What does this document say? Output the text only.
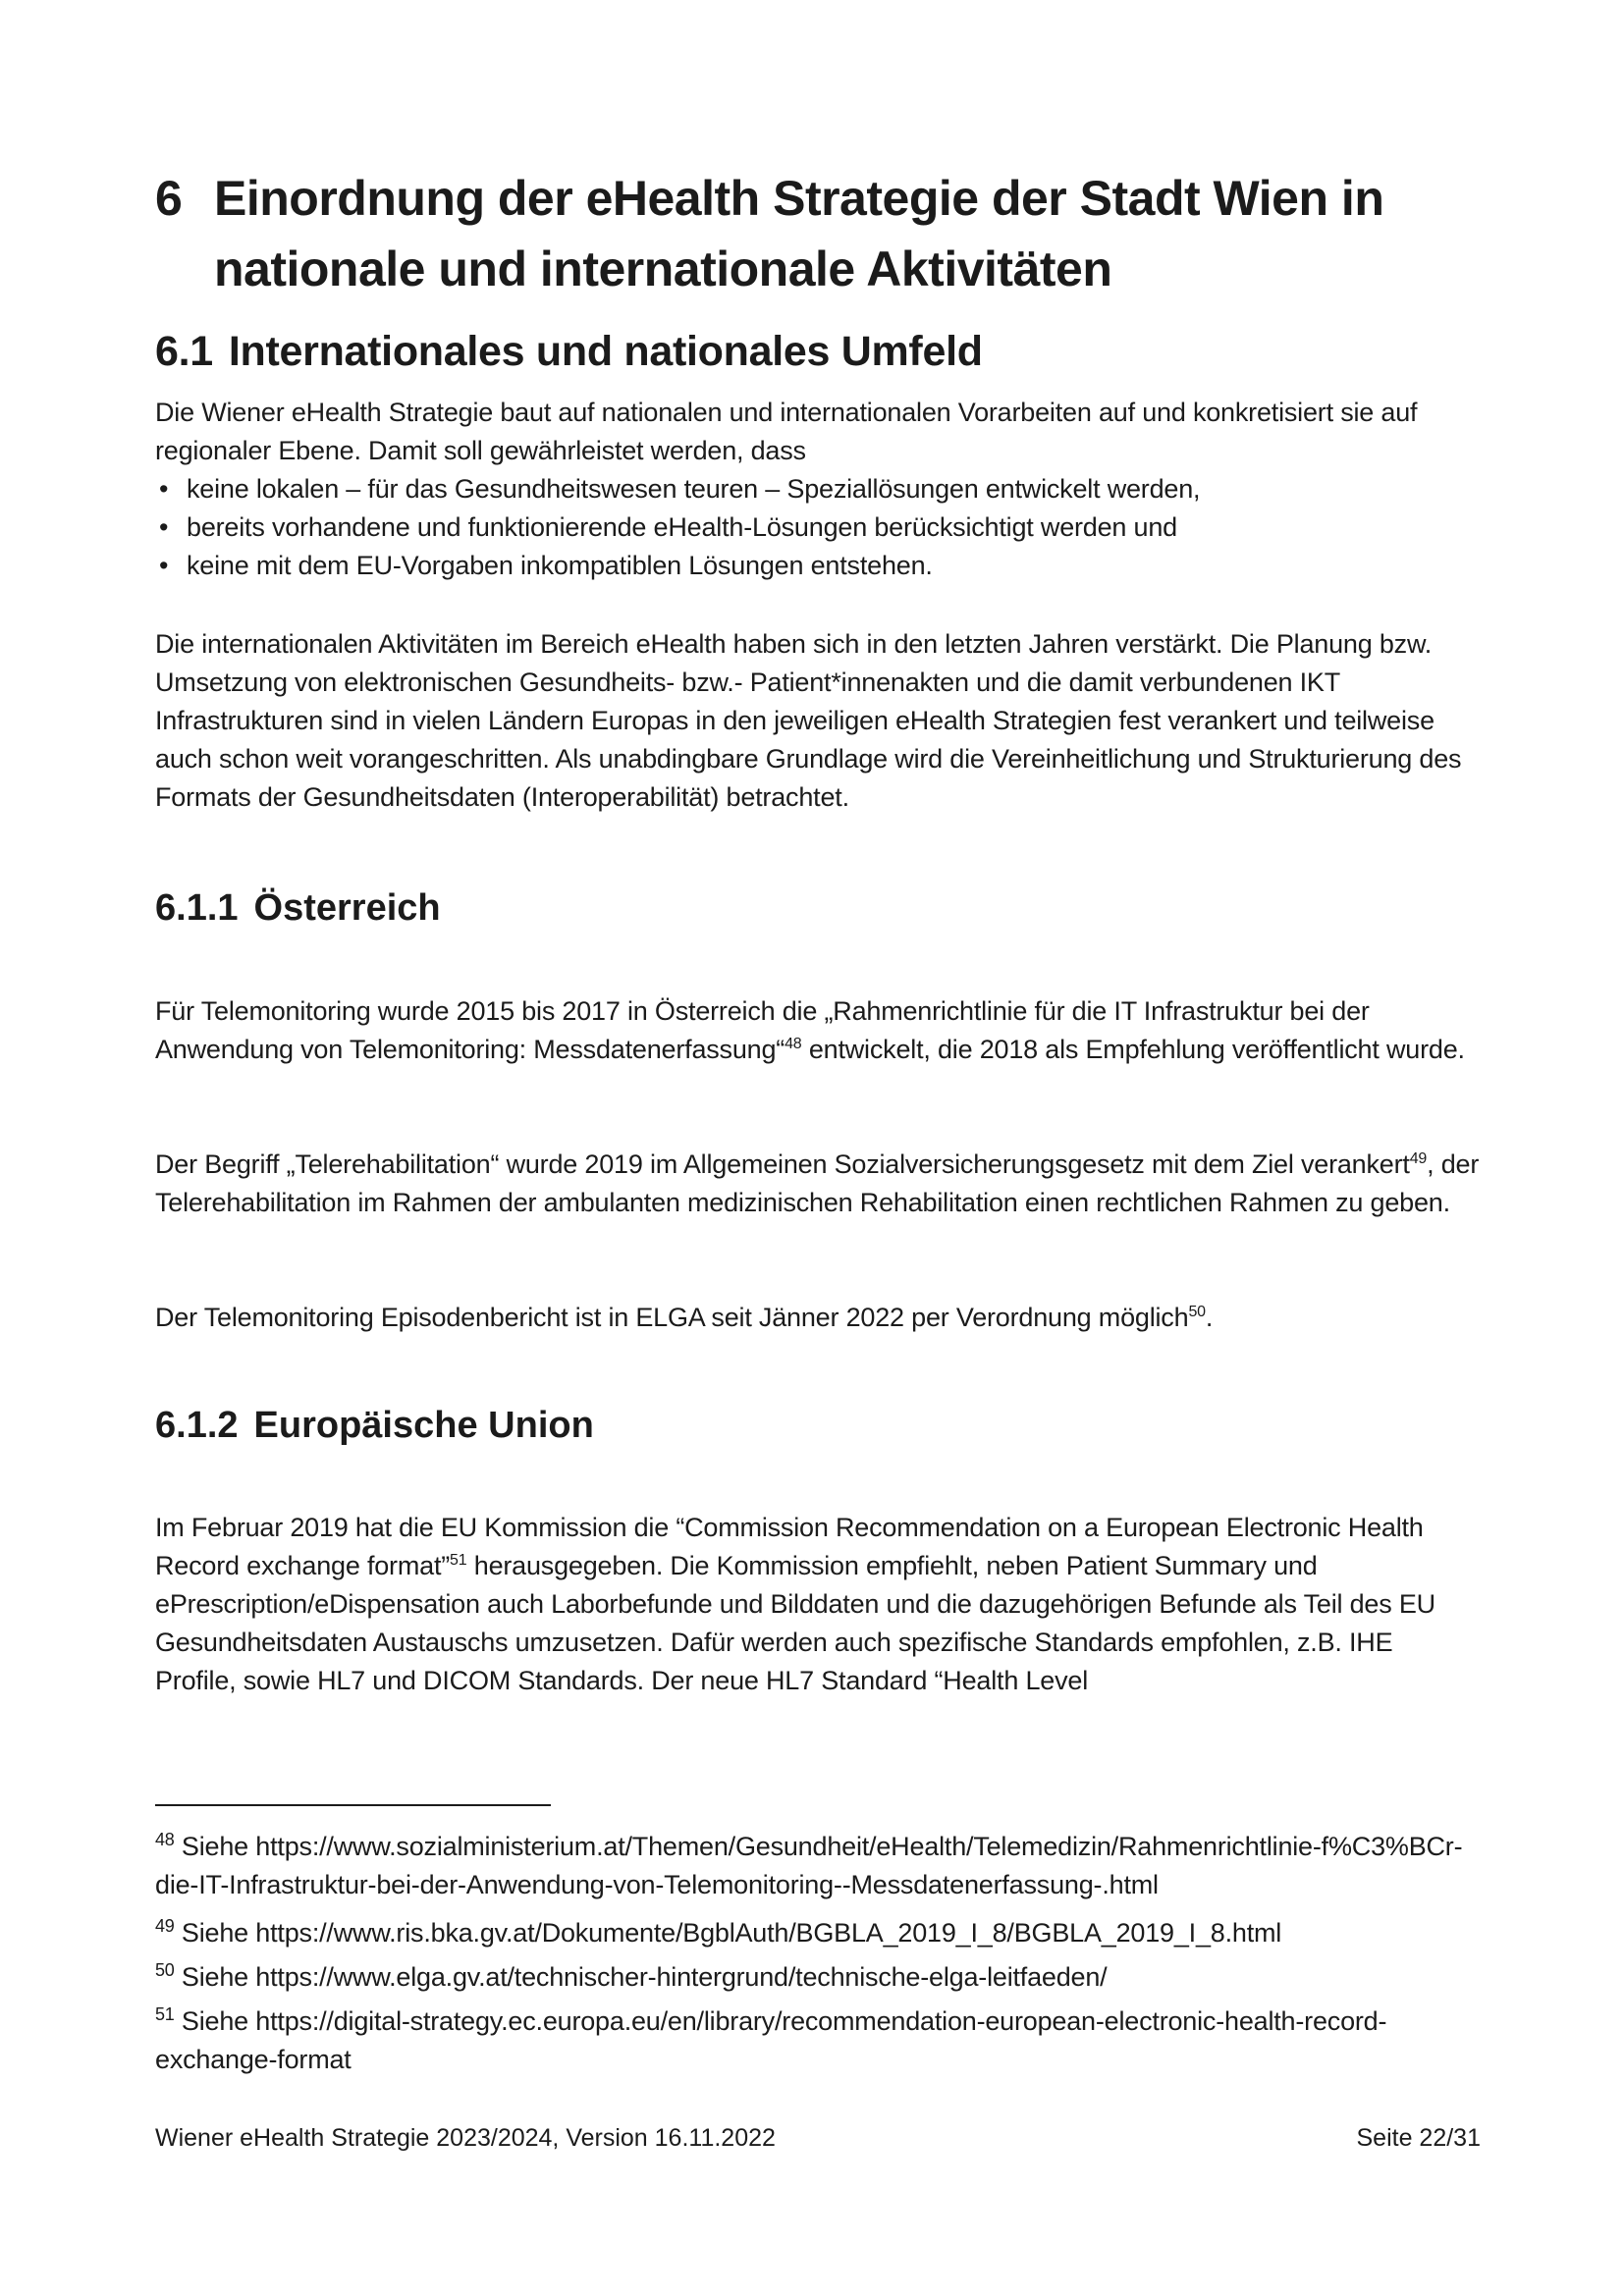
6 Einordnung der eHealth Strategie der Stadt Wien in
nationale und internationale Aktivitäten
6.1 Internationales und nationales Umfeld

Die Wiener eHealth Strategie baut auf nationalen und internationalen Vorarbeiten auf und konkretisiert sie auf regionaler Ebene. Damit soll gewährleistet werden, dass

• keine lokalen – für das Gesundheitswesen teuren – Speziallösungen entwickelt werden,
• bereits vorhandene und funktionierende eHealth-Lösungen berücksichtigt werden und
• keine mit dem EU-Vorgaben inkompatiblen Lösungen entstehen.
Die internationalen Aktivitäten im Bereich eHealth haben sich in den letzten Jahren verstärkt. Die Planung bzw. Umsetzung von elektronischen Gesundheits- bzw.- Patient*innenakten und die damit verbundenen IKT Infrastrukturen sind in vielen Ländern Europas in den jeweiligen eHealth Strategien fest verankert und teilweise auch schon weit vorangeschritten. Als unabdingbare Grundlage wird die Vereinheitlichung und Strukturierung des Formats der Gesundheitsdaten (Interoperabilität) betrachtet.
6.1.1 Österreich
Für Telemonitoring wurde 2015 bis 2017 in Österreich die „Rahmenrichtlinie für die IT Infrastruktur bei der Anwendung von Telemonitoring: Messdatenerfassung“$^{48}$ entwickelt, die 2018 als Empfehlung veröffentlicht wurde.
Der Begriff „Telerehabilitation“ wurde 2019 im Allgemeinen Sozialversicherungsgesetz mit dem Ziel verankert$^{49}$, der Telerehabilitation im Rahmen der ambulanten medizinischen Rehabilitation einen rechtlichen Rahmen zu geben.
Der Telemonitoring Episodenbericht ist in ELGA seit Jänner 2022 per Verordnung möglich$^{50}$.
6.1.2 Europäische Union
Im Februar 2019 hat die EU Kommission die “Commission Recommendation on a European Electronic Health Record exchange format”$^{51}$ herausgegeben. Die Kommission empfiehlt, neben Patient Summary und ePrescription/eDispensation auch Laborbefunde und Bilddaten und die dazugehörigen Befunde als Teil des EU Gesundheitsdaten Austauschs umzusetzen. Dafür werden auch spezifische Standards empfohlen, z.B. IHE Profile, sowie HL7 und DICOM Standards. Der neue HL7 Standard “Health Level
$^{48}$ Siehe https://www.sozialministerium.at/Themen/Gesundheit/eHealth/Telemedizin/Rahmenrichtlinie-f%C3%BCr-die-IT-Infrastruktur-bei-der-Anwendung-von-Telemonitoring--Messdatenerfassung-.html
$^{49}$ Siehe https://www.ris.bka.gv.at/Dokumente/BgblAuth/BGBLA_2019_I_8/BGBLA_2019_I_8.html
$^{50}$ Siehe https://www.elga.gv.at/technischer-hintergrund/technische-elga-leitfaeden/
$^{51}$ Siehe https://digital-strategy.ec.europa.eu/en/library/recommendation-european-electronic-health-record-exchange-format
Wiener eHealth Strategie 2023/2024, Version 16.11.2022	Seite 22/31
